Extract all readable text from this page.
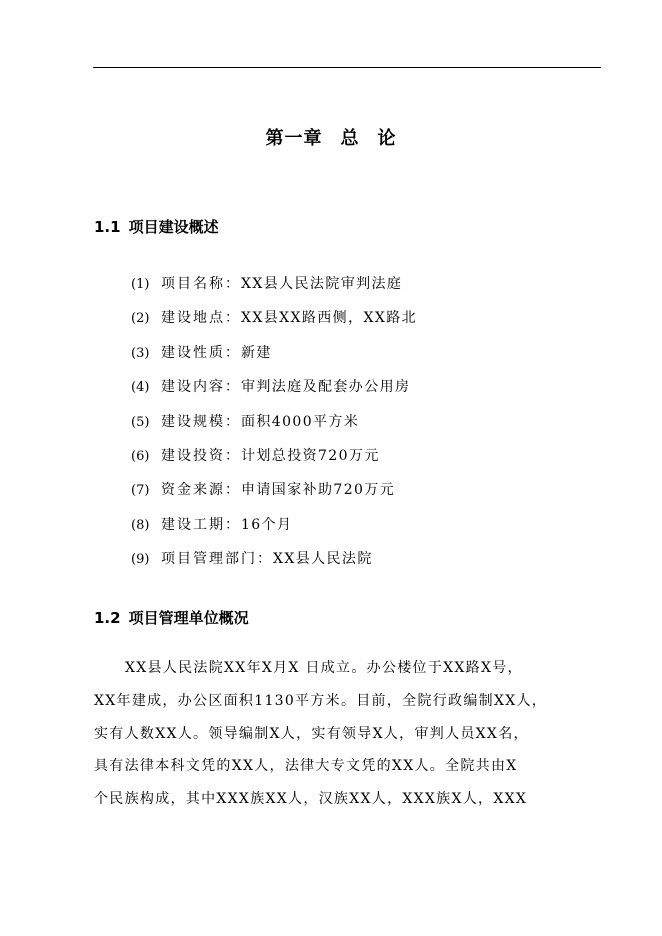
第一章 总 论
1.1 项目建设概述
(1) 项目名称：XX县人民法院审判法庭
(2) 建设地点：XX县XX路西侧，XX路北
(3) 建设性质：新建
(4) 建设内容：审判法庭及配套办公用房
(5) 建设规模：面积4000平方米
(6) 建设投资：计划总投资720万元
(7) 资金来源：申请国家补助720万元
(8) 建设工期：16个月
(9) 项目管理部门：XX县人民法院
1.2 项目管理单位概况
XX县人民法院XX年X月X 日成立。办公楼位于XX路X号，
XX年建成，办公区面积1130平方米。目前，全院行政编制XX人，
实有人数XX人。领导编制X人，实有领导X人，审判人员XX名，
具有法律本科文凭的XX人，法律大专文凭的XX人。全院共由X
个民族构成，其中XXX族XX人，汉族XX人，XXX族X人，XXX
